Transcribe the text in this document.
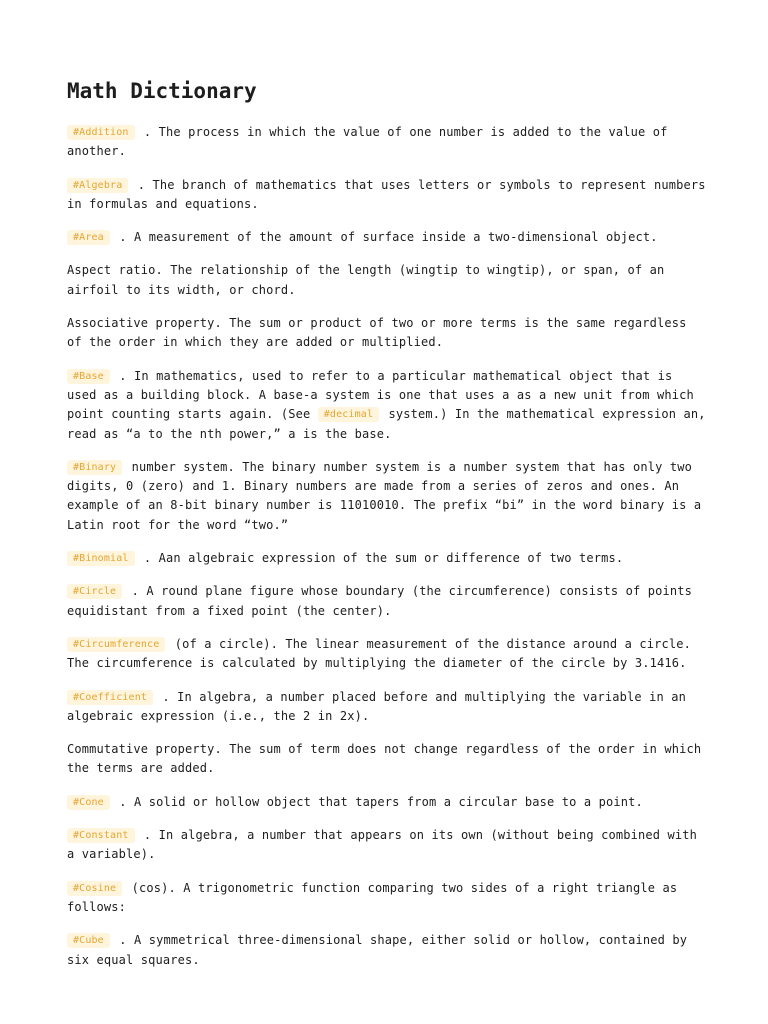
Math Dictionary

#Addition . The process in which the value of one number is added to the value of another.

#Algebra . The branch of mathematics that uses letters or symbols to represent numbers in formulas and equations.

#Area . A measurement of the amount of surface inside a two-dimensional object.

Aspect ratio. The relationship of the length (wingtip to wingtip), or span, of an airfoil to its width, or chord.

Associative property. The sum or product of two or more terms is the same regardless of the order in which they are added or multiplied.

#Base . In mathematics, used to refer to a particular mathematical object that is used as a building block. A base-a system is one that uses a as a new unit from which point counting starts again. (See #decimal system.) In the mathematical expression an, read as “a to the nth power,” a is the base.

#Binary number system. The binary number system is a number system that has only two digits, 0 (zero) and 1. Binary numbers are made from a series of zeros and ones. An example of an 8-bit binary number is 11010010. The prefix “bi” in the word binary is a Latin root for the word “two.”

#Binomial . Aan algebraic expression of the sum or difference of two terms.

#Circle . A round plane figure whose boundary (the circumference) consists of points equidistant from a fixed point (the center).

#Circumference (of a circle). The linear measurement of the distance around a circle. The circumference is calculated by multiplying the diameter of the circle by 3.1416.

#Coefficient . In algebra, a number placed before and multiplying the variable in an algebraic expression (i.e., the 2 in 2x).

Commutative property. The sum of term does not change regardless of the order in which the terms are added.

#Cone . A solid or hollow object that tapers from a circular base to a point.

#Constant . In algebra, a number that appears on its own (without being combined with a variable).

#Cosine (cos). A trigonometric function comparing two sides of a right triangle as follows:

#Cube . A symmetrical three-dimensional shape, either solid or hollow, contained by six equal squares.
